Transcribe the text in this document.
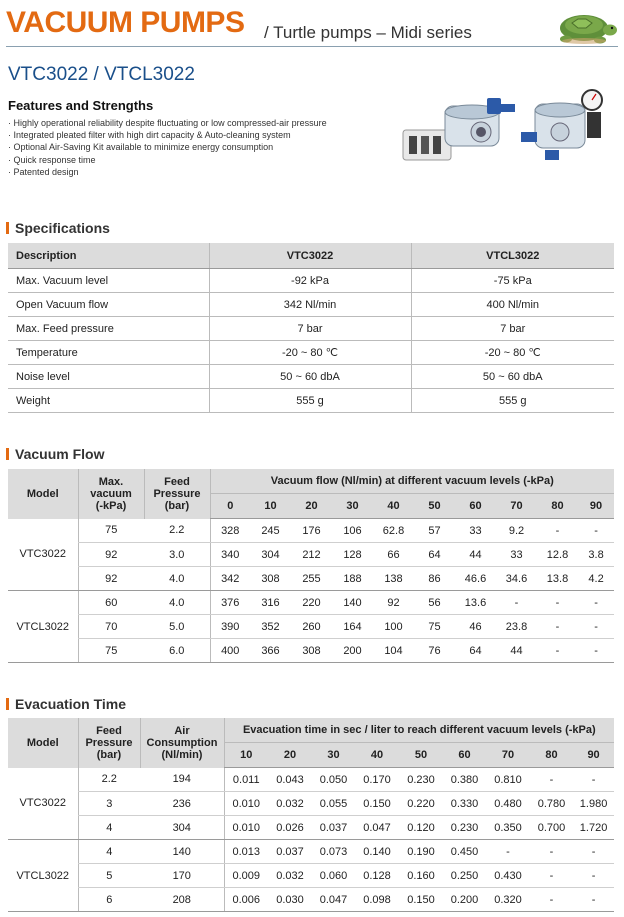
VACUUM PUMPS / Turtle pumps – Midi series
VTC3022 / VTCL3022
Features and Strengths
· Highly operational reliability despite fluctuating or low compressed-air pressure
· Integrated pleated filter with high dirt capacity & Auto-cleaning system
· Optional Air-Saving Kit available to minimize energy consumption
· Quick response time
· Patented design
Specifications
Description	VTC3022	VTCL3022
Max. Vacuum level	-92 kPa	-75 kPa
Open Vacuum flow	342 Nl/min	400 Nl/min
Max. Feed pressure	7 bar	7 bar
Temperature	-20 ~ 80 ℃	-20 ~ 80 ℃
Noise level	50 ~ 60 dbA	50 ~ 60 dbA
Weight	555 g	555 g
Vacuum Flow
Model	Max.
vacuum
(-kPa)	Feed
Pressure
(bar)	Vacuum flow (Nl/min) at different vacuum levels (-kPa)									
			0	10	20	30	40	50	60	70	80	90
VTC3022	75	2.2	328	245	176	106	62.8	57	33	9.2	-	-
	92	3.0	340	304	212	128	66	64	44	33	12.8	3.8
	92	4.0	342	308	255	188	138	86	46.6	34.6	13.8	4.2
VTCL3022	60	4.0	376	316	220	140	92	56	13.6	-	-	-
	70	5.0	390	352	260	164	100	75	46	23.8	-	-
	75	6.0	400	366	308	200	104	76	64	44	-	-
Evacuation Time
Model	Feed
Pressure
(bar)	Air
Consumption
(Nl/min)	Evacuation time in sec / liter to reach different vacuum levels (-kPa)								
			10	20	30	40	50	60	70	80	90
VTC3022	2.2	194	0.011	0.043	0.050	0.170	0.230	0.380	0.810	-	-
	3	236	0.010	0.032	0.055	0.150	0.220	0.330	0.480	0.780	1.980
	4	304	0.010	0.026	0.037	0.047	0.120	0.230	0.350	0.700	1.720
VTCL3022	4	140	0.013	0.037	0.073	0.140	0.190	0.450	-	-	-
	5	170	0.009	0.032	0.060	0.128	0.160	0.250	0.430	-	-
	6	208	0.006	0.030	0.047	0.098	0.150	0.200	0.320	-	-
